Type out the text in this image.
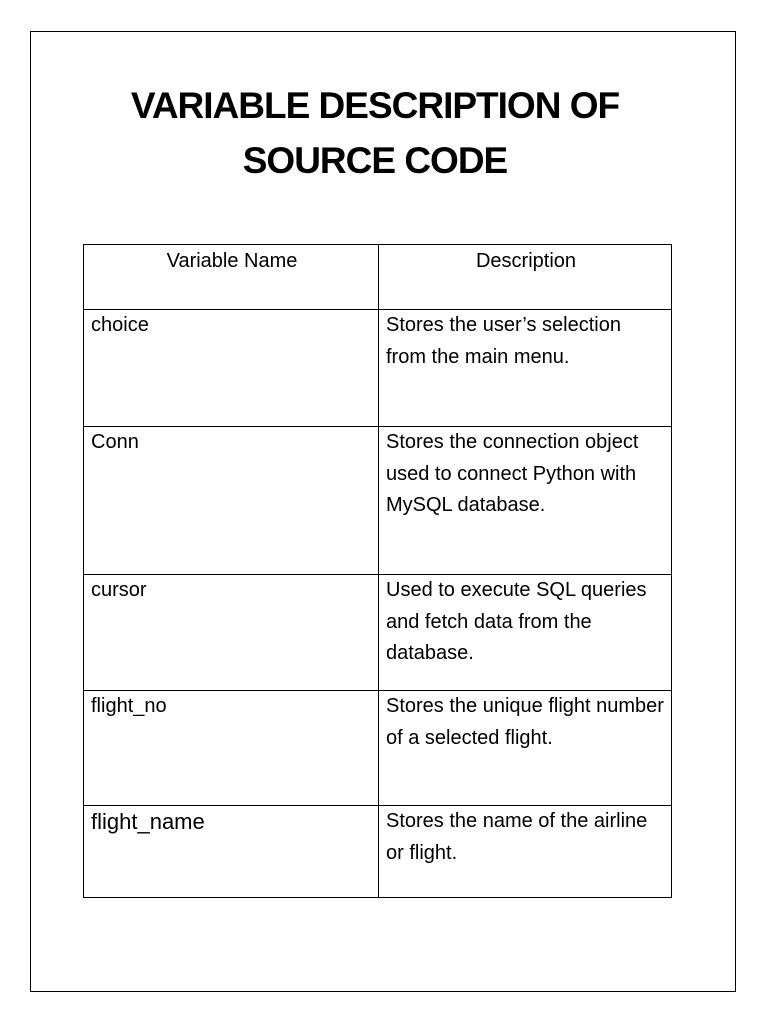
VARIABLE DESCRIPTION OF
SOURCE CODE
Variable Name	Description
choice	Stores the user’s selection from the main menu.
Conn	Stores the connection object used to connect Python with MySQL database.
cursor	Used to execute SQL queries and fetch data from the database.
flight_no	Stores the unique flight number of a selected flight.
flight_name	Stores the name of the airline or flight.
